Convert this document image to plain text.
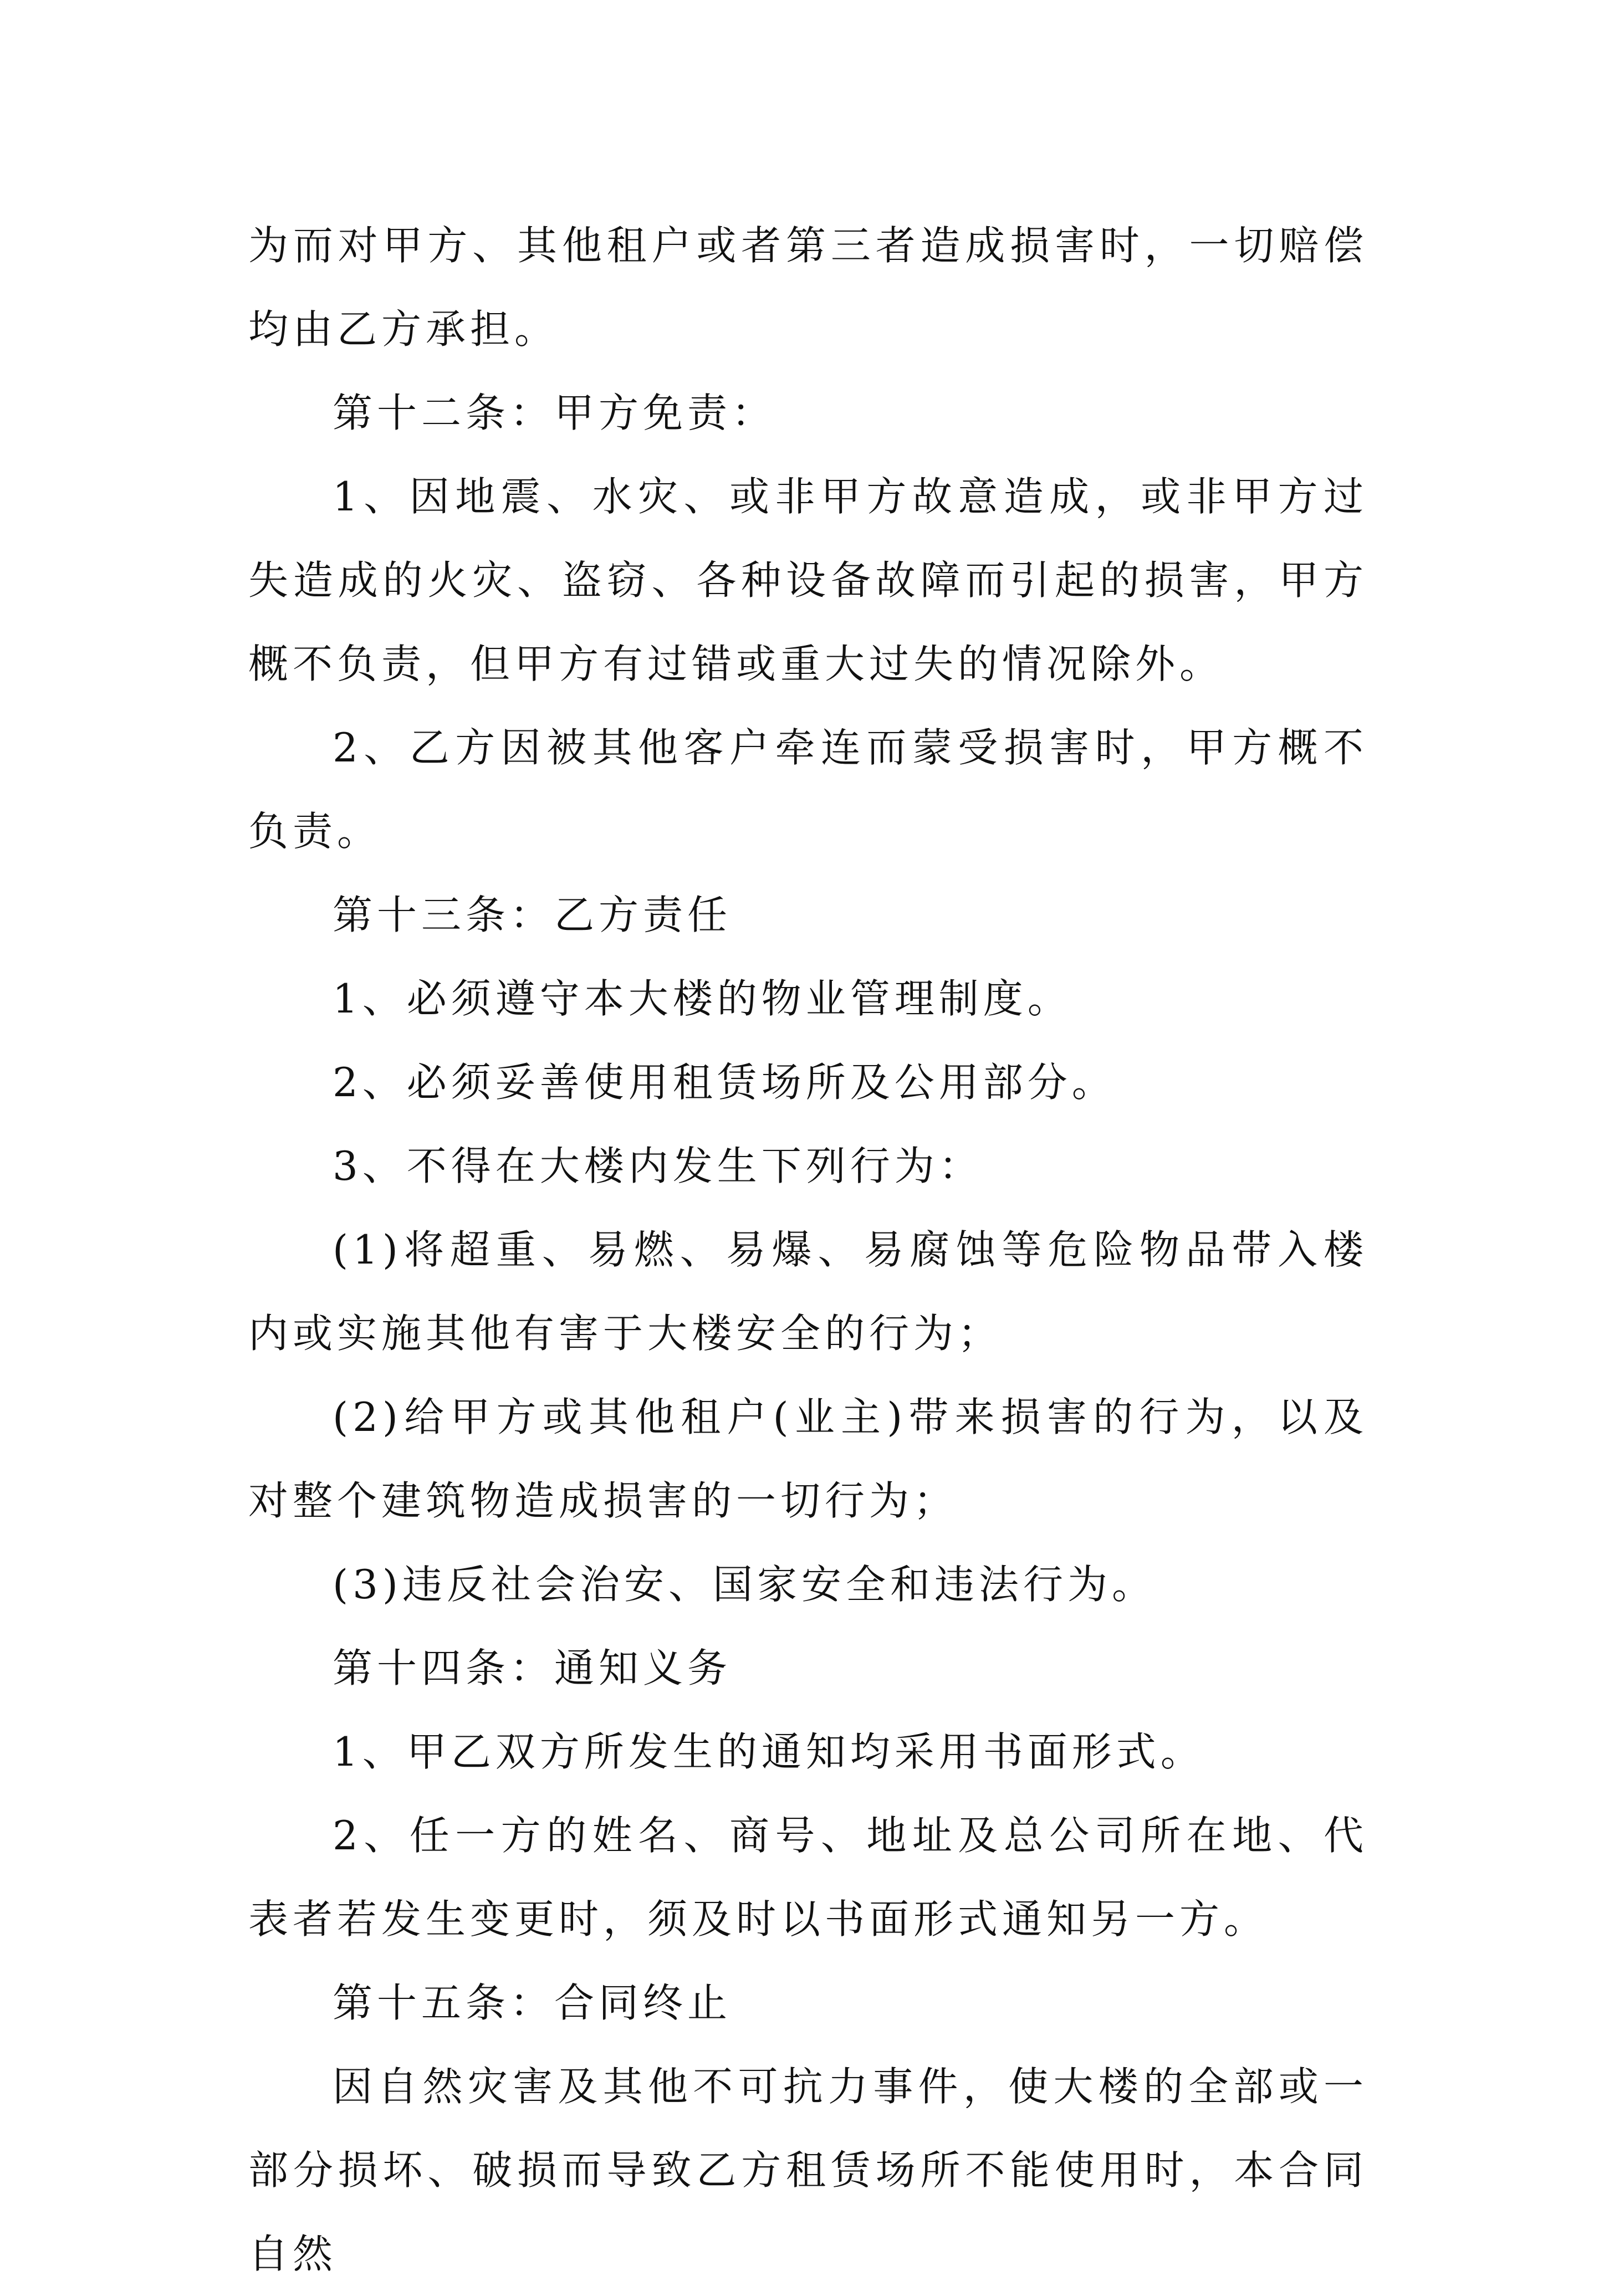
为而对甲方、其他租户或者第三者造成损害时，一切赔偿均由乙方承担。

第十二条：甲方免责：

1、因地震、水灾、或非甲方故意造成，或非甲方过失造成的火灾、盗窃、各种设备故障而引起的损害，甲方概不负责，但甲方有过错或重大过失的情况除外。

2、乙方因被其他客户牵连而蒙受损害时，甲方概不负责。

第十三条：乙方责任

1、必须遵守本大楼的物业管理制度。

2、必须妥善使用租赁场所及公用部分。

3、不得在大楼内发生下列行为：

(1)将超重、易燃、易爆、易腐蚀等危险物品带入楼内或实施其他有害于大楼安全的行为；

(2)给甲方或其他租户(业主)带来损害的行为，以及对整个建筑物造成损害的一切行为；

(3)违反社会治安、国家安全和违法行为。

第十四条：通知义务

1、甲乙双方所发生的通知均采用书面形式。

2、任一方的姓名、商号、地址及总公司所在地、代表者若发生变更时，须及时以书面形式通知另一方。

第十五条：合同终止

因自然灾害及其他不可抗力事件，使大楼的全部或一部分损坏、破损而导致乙方租赁场所不能使用时，本合同自然
